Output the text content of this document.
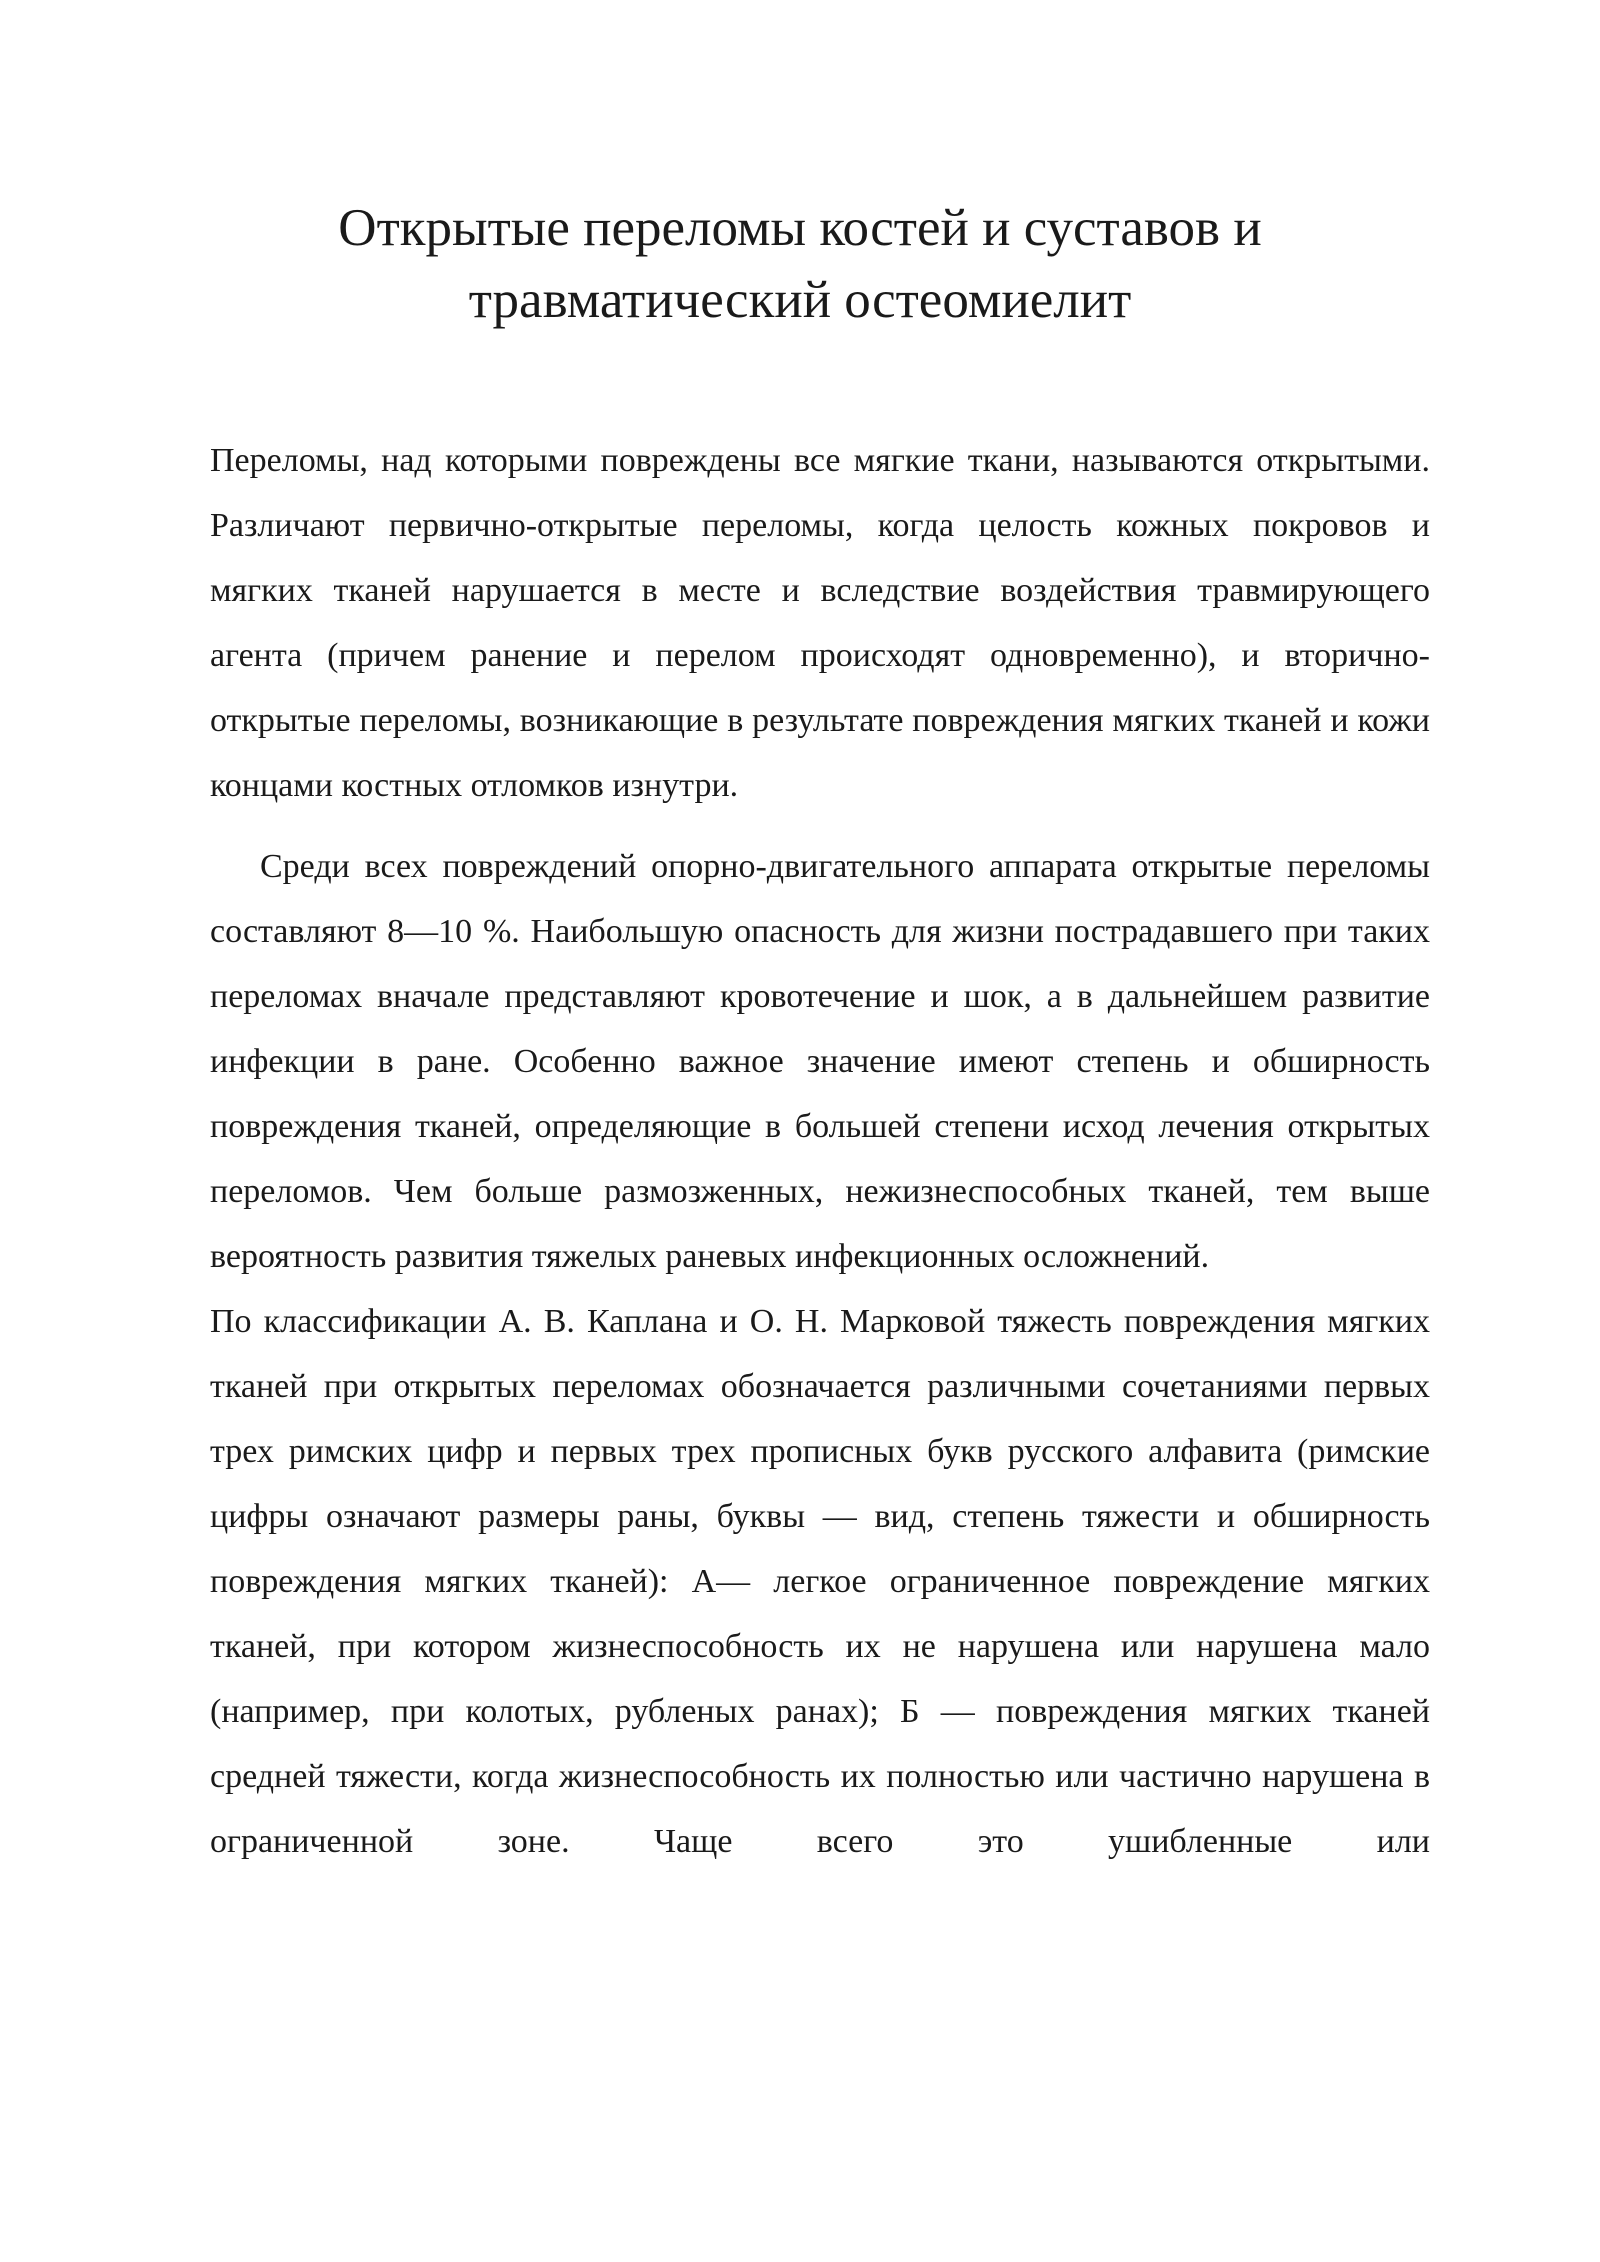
Открытые переломы костей и суставов и
травматический остеомиелит

Переломы, над которыми повреждены все мягкие ткани, называются открытыми. Различают первично-открытые переломы, когда целость кожных покровов и мягких тканей нарушается в месте и вследствие воздействия травмирующего агента (причем ранение и перелом происходят одновременно), и вторично-открытые переломы, возникающие в результате повреждения мягких тканей и кожи концами костных отломков изнутри.

Среди всех повреждений опорно-двигательного аппарата открытые переломы составляют 8—10 %. Наибольшую опасность для жизни пострадавшего при таких переломах вначале представляют кровотечение и шок, а в дальнейшем развитие инфекции в ране. Особенно важное значение имеют степень и обширность повреждения тканей, определяющие в большей степени исход лечения открытых переломов. Чем больше размозженных, нежизнеспособных тканей, тем выше вероятность развития тяжелых раневых инфекционных осложнений.

По классификации А. В. Каплана и О. Н. Марковой тяжесть повреждения мягких тканей при открытых переломах обозначается различными сочетаниями первых трех римских цифр и первых трех прописных букв русского алфавита (римские цифры означают размеры раны, буквы — вид, степень тяжести и обширность повреждения мягких тканей): А— легкое ограниченное повреждение мягких тканей, при котором жизнеспособность их не нарушена или нарушена мало (например, при колотых, рубленых ранах); Б — повреждения мягких тканей средней тяжести, когда жизнеспособность их полностью или частично нарушена в ограниченной зоне. Чаще всего это ушибленные или
